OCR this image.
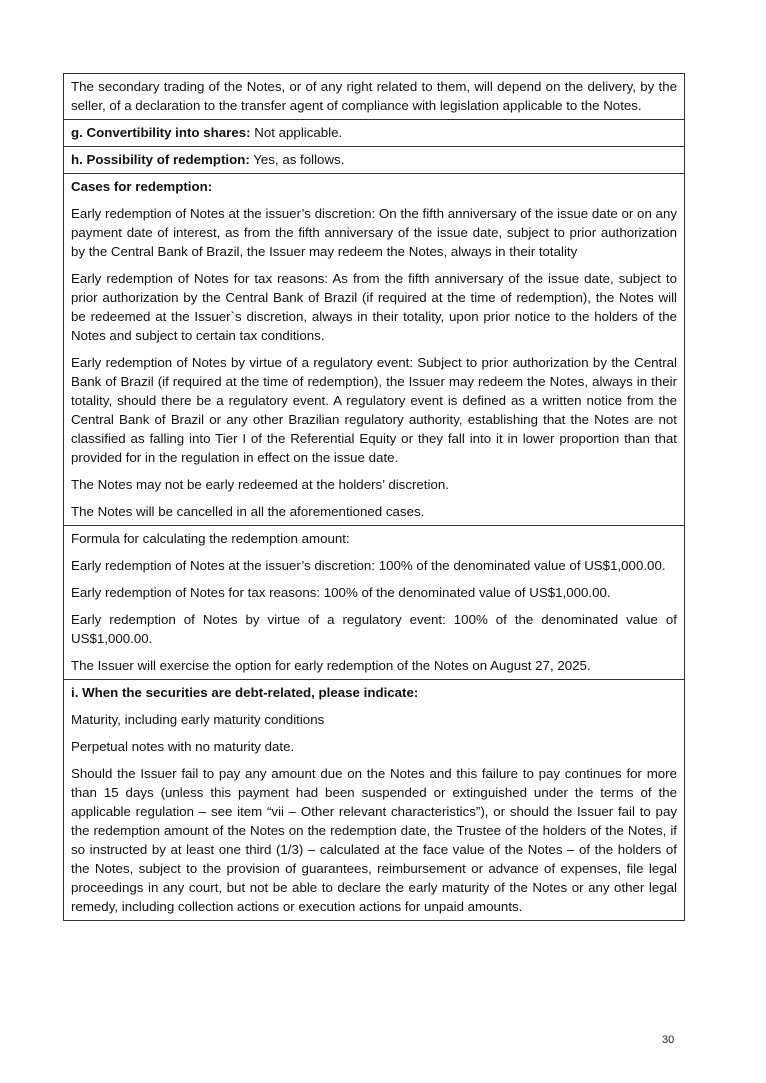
The secondary trading of the Notes, or of any right related to them, will depend on the delivery, by the seller, of a declaration to the transfer agent of compliance with legislation applicable to the Notes.

g. Convertibility into shares: Not applicable.

h. Possibility of redemption: Yes, as follows.

Cases for redemption:

Early redemption of Notes at the issuer’s discretion: On the fifth anniversary of the issue date or on any payment date of interest, as from the fifth anniversary of the issue date, subject to prior authorization by the Central Bank of Brazil, the Issuer may redeem the Notes, always in their totality

Early redemption of Notes for tax reasons: As from the fifth anniversary of the issue date, subject to prior authorization by the Central Bank of Brazil (if required at the time of redemption), the Notes will be redeemed at the Issuer`s discretion, always in their totality, upon prior notice to the holders of the Notes and subject to certain tax conditions.

Early redemption of Notes by virtue of a regulatory event: Subject to prior authorization by the Central Bank of Brazil (if required at the time of redemption), the Issuer may redeem the Notes, always in their totality, should there be a regulatory event. A regulatory event is defined as a written notice from the Central Bank of Brazil or any other Brazilian regulatory authority, establishing that the Notes are not classified as falling into Tier I of the Referential Equity or they fall into it in lower proportion than that provided for in the regulation in effect on the issue date.

The Notes may not be early redeemed at the holders’ discretion.

The Notes will be cancelled in all the aforementioned cases.

Formula for calculating the redemption amount:

Early redemption of Notes at the issuer’s discretion: 100% of the denominated value of US$1,000.00.

Early redemption of Notes for tax reasons: 100% of the denominated value of US$1,000.00.

Early redemption of Notes by virtue of a regulatory event: 100% of the denominated value of US$1,000.00.

The Issuer will exercise the option for early redemption of the Notes on August 27, 2025.

i. When the securities are debt-related, please indicate:

Maturity, including early maturity conditions

Perpetual notes with no maturity date.

Should the Issuer fail to pay any amount due on the Notes and this failure to pay continues for more than 15 days (unless this payment had been suspended or extinguished under the terms of the applicable regulation – see item “vii – Other relevant characteristics”), or should the Issuer fail to pay the redemption amount of the Notes on the redemption date, the Trustee of the holders of the Notes, if so instructed by at least one third (1/3) – calculated at the face value of the Notes – of the holders of the Notes, subject to the provision of guarantees, reimbursement or advance of expenses, file legal proceedings in any court, but not be able to declare the early maturity of the Notes or any other legal remedy, including collection actions or execution actions for unpaid amounts.

30
